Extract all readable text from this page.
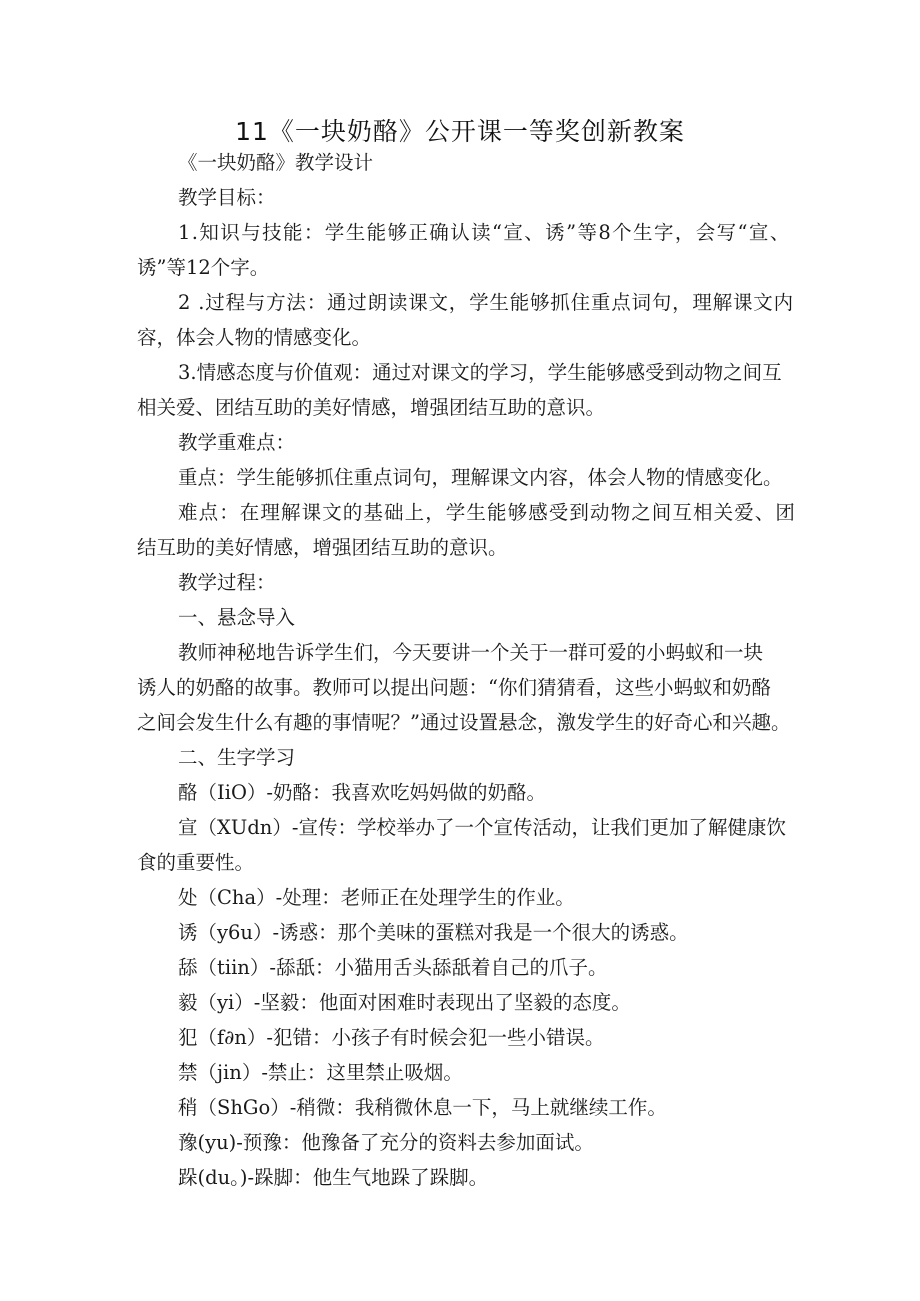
11《一块奶酪》公开课一等奖创新教案
《一块奶酪》教学设计
教学目标：
1.知识与技能：学生能够正确认读“宣、诱”等8个生字，会写“宣、
诱”等12个字。
2 .过程与方法：通过朗读课文，学生能够抓住重点词句，理解课文内
容，体会人物的情感变化。
3.情感态度与价值观：通过对课文的学习，学生能够感受到动物之间互
相关爱、团结互助的美好情感，增强团结互助的意识。
教学重难点：
重点：学生能够抓住重点词句，理解课文内容，体会人物的情感变化。
难点：在理解课文的基础上，学生能够感受到动物之间互相关爱、团
结互助的美好情感，增强团结互助的意识。
教学过程：
一、悬念导入
教师神秘地告诉学生们，今天要讲一个关于一群可爱的小蚂蚁和一块
诱人的奶酪的故事。教师可以提出问题：“你们猜猜看，这些小蚂蚁和奶酪
之间会发生什么有趣的事情呢？”通过设置悬念，激发学生的好奇心和兴趣。
二、生字学习
酪（IiO）-奶酪：我喜欢吃妈妈做的奶酪。
宣（XUdn）-宣传：学校举办了一个宣传活动，让我们更加了解健康饮
食的重要性。
处（Cha）-处理：老师正在处理学生的作业。
诱（y6u）-诱惑：那个美味的蛋糕对我是一个很大的诱惑。
舔（tiin）-舔舐：小猫用舌头舔舐着自己的爪子。
毅（yi）-坚毅：他面对困难时表现出了坚毅的态度。
犯（f∂n）-犯错：小孩子有时候会犯一些小错误。
禁（jin）-禁止：这里禁止吸烟。
稍（ShGo）-稍微：我稍微休息一下，马上就继续工作。
豫(yu)-预豫：他豫备了充分的资料去参加面试。
跺(du。)-跺脚：他生气地跺了跺脚。
